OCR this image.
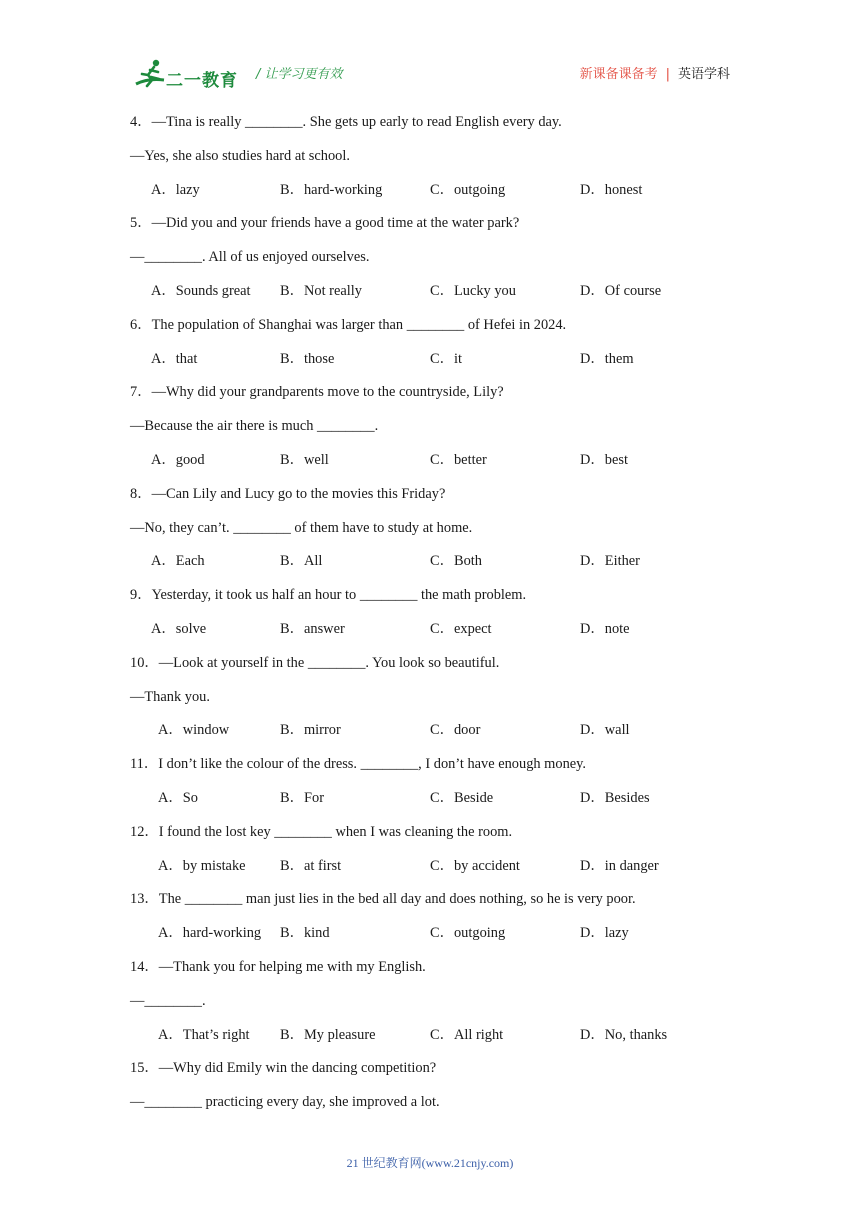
二一教育 / 让学习更有效	新课备课备考 | 英语学科
4．—Tina is really ________. She gets up early to read English every day.
—Yes, she also studies hard at school.
A．lazy	B．hard-working	C．outgoing	D．honest
5．—Did you and your friends have a good time at the water park?
—________. All of us enjoyed ourselves.
A．Sounds great B．Not really	C．Lucky you	D．Of course
6．The population of Shanghai was larger than ________ of Hefei in 2024.
A．that	B．those	C．it	D．them
7．—Why did your grandparents move to the countryside, Lily?
—Because the air there is much ________.
A．good	B．well	C．better	D．best
8．—Can Lily and Lucy go to the movies this Friday?
—No, they can’t. ________ of them have to study at home.
A．Each	B．All	C．Both	D．Either
9．Yesterday, it took us half an hour to ________ the math problem.
A．solve	B．answer	C．expect	D．note
10．—Look at yourself in the ________. You look so beautiful.
—Thank you.
A．window	B．mirror	C．door	D．wall
11．I don’t like the colour of the dress. ________, I don’t have enough money.
A．So	B．For	C．Beside	D．Besides
12．I found the lost key ________ when I was cleaning the room.
A．by mistake B．at first	C．by accident	D．in danger
13．The ________ man just lies in the bed all day and does nothing, so he is very poor.
A．hard-working B．kind	C．outgoing	D．lazy
14．—Thank you for helping me with my English.
—________.
A．That’s right B．My pleasure	C．All right	D．No, thanks
15．—Why did Emily win the dancing competition?
—________ practicing every day, she improved a lot.
21 世纪教育网(www.21cnjy.com)
